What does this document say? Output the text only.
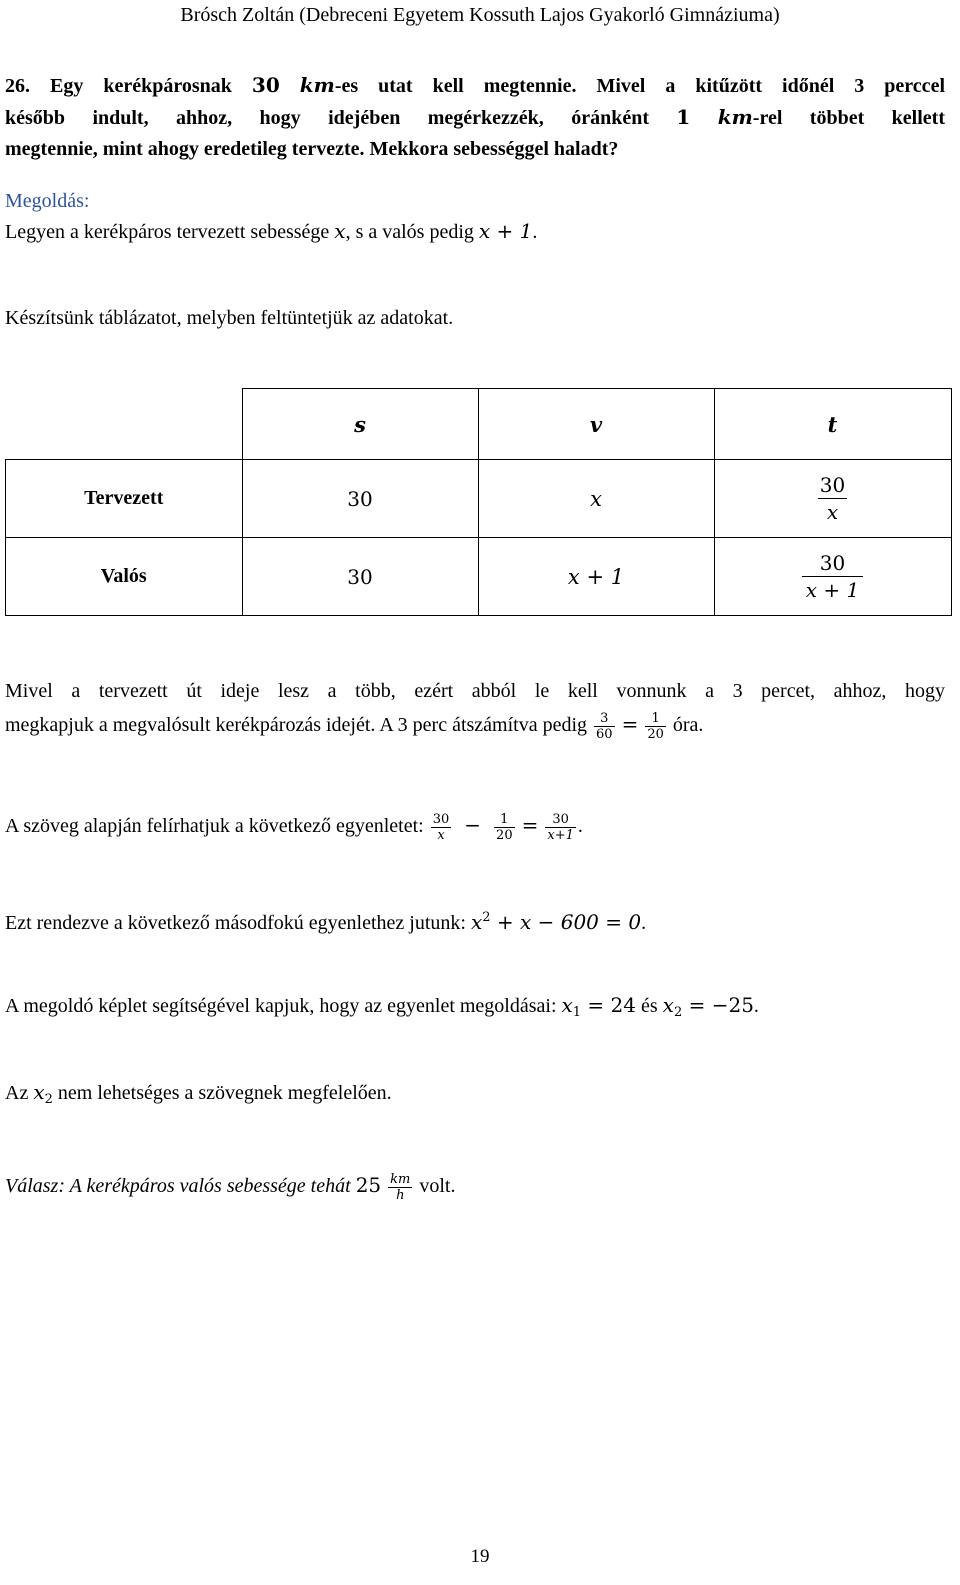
Brósch Zoltán (Debreceni Egyetem Kossuth Lajos Gyakorló Gimnáziuma)
26. Egy kerékpárosnak 30 km-es utat kell megtennie. Mivel a kitűzött időnél 3 perccel
később indult, ahhoz, hogy idejében megérkezzék, óránként 1 km-rel többet kellett
megtennie, mint ahogy eredetileg tervezte. Mekkora sebességgel haladt?
Megoldás:
Legyen a kerékpáros tervezett sebessége x, s a valós pedig x + 1.
Készítsünk táblázatot, melyben feltüntetjük az adatokat.
	s	v	t
Tervezett	30	x	$\frac{30}{x}$

Valós	30	x + 1	$\frac{30}{x + 1}$
Mivel a tervezett út ideje lesz a több, ezért abból le kell vonnunk a 3 percet, ahhoz, hogy
megkapjuk a megvalósult kerékpározás idejét. A 3 perc átszámítva pedig $\frac{3}{60} = \frac{1}{20}$ óra.
A szöveg alapján felírhatjuk a következő egyenletet: $\frac{30}{x} - \frac{1}{20} = \frac{30}{x+1}$ .
Ezt rendezve a következő másodfokú egyenlethez jutunk: $x^2 + x - 600 = 0$.
A megoldó képlet segítségével kapjuk, hogy az egyenlet megoldásai: $x_1 = 24$ és $x_2 = -25$.
Az $x_2$ nem lehetséges a szövegnek megfelelően.
Válasz: A kerékpáros valós sebessége tehát $25 \frac{km}{h}$ volt.
19
